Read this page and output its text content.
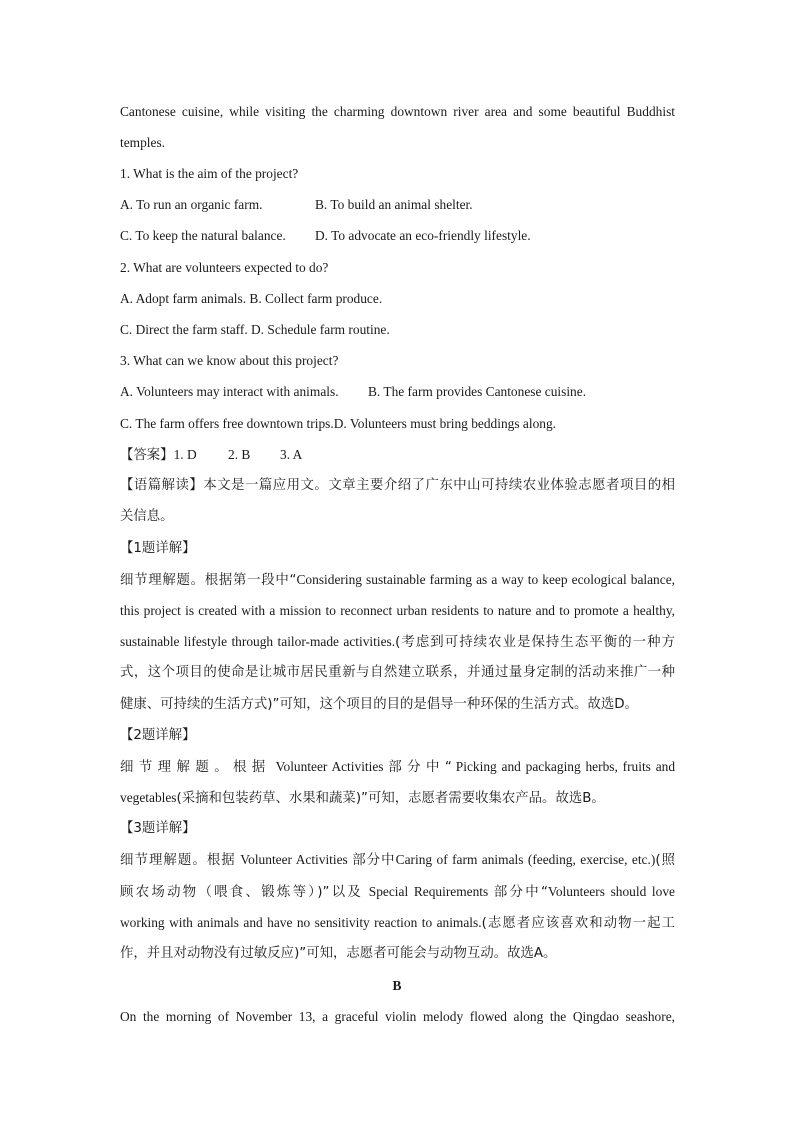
Cantonese cuisine, while visiting the charming downtown river area and some beautiful Buddhist
temples.
1. What is the aim of the project?
A. To run an organic farm.	B. To build an animal shelter.
C. To keep the natural balance. D. To advocate an eco-friendly lifestyle.
2. What are volunteers expected to do?
A. Adopt farm animals. B. Collect farm produce.
C. Direct the farm staff. D. Schedule farm routine.
3. What can we know about this project?
A. Volunteers may interact with animals. B. The farm provides Cantonese cuisine.
C. The farm offers free downtown trips.D. Volunteers must bring beddings along.
【答案】1. D 2. B 3. A
【语篇解读】本文是一篇应用文。文章主要介绍了广东中山可持续农业体验志愿者项目的相
关信息。
【1题详解】
细节理解题。根据第一段中“Considering sustainable farming as a way to keep ecological balance,
this project is created with a mission to reconnect urban residents to nature and to promote a healthy,
sustainable lifestyle through tailor-made activities.(考虑到可持续农业是保持生态平衡的一种方
式，这个项目的使命是让城市居民重新与自然建立联系，并通过量身定制的活动来推广一种
健康、可持续的生活方式)”可知，这个项目的目的是倡导一种环保的生活方式。故选D。
【2题详解】
细节理解题。根据 Volunteer Activities 部分中“Picking and packaging herbs, fruits and
vegetables(采摘和包装药草、水果和蔬菜)”可知，志愿者需要收集农产品。故选B。
【3题详解】
细节理解题。根据 Volunteer Activities 部分中Caring of farm animals (feeding, exercise, etc.)(照
顾农场动物（喂食、锻炼等）)”以及 Special Requirements 部分中“Volunteers should love
working with animals and have no sensitivity reaction to animals.(志愿者应该喜欢和动物一起工
作，并且对动物没有过敏反应)”可知，志愿者可能会与动物互动。故选A。
B
On the morning of November 13, a graceful violin melody flowed along the Qingdao seashore,
